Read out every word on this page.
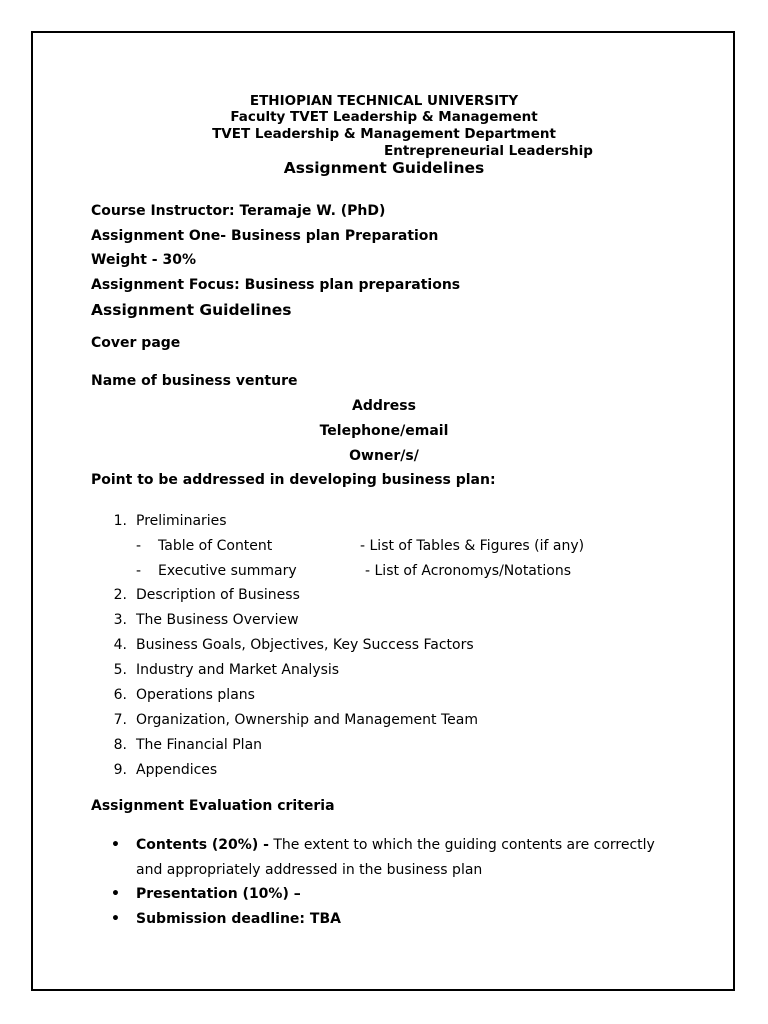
ETHIOPIAN TECHNICAL UNIVERSITY
Faculty TVET Leadership & Management
TVET Leadership & Management Department
Entrepreneurial Leadership
Assignment Guidelines
Course Instructor: Teramaje W. (PhD)
Assignment One- Business plan Preparation
Weight - 30%
Assignment Focus: Business plan preparations
Assignment Guidelines
Cover page
Name of business venture
Address
Telephone/email
Owner/s/
Point to be addressed in developing business plan:
1. Preliminaries
- Table of Content	- List of Tables & Figures (if any)
- Executive summary	- List of Acronomys/Notations
2. Description of Business
3. The Business Overview
4. Business Goals, Objectives, Key Success Factors
5. Industry and Market Analysis
6. Operations plans
7. Organization, Ownership and Management Team
8. The Financial Plan
9. Appendices
Assignment Evaluation criteria
• Contents (20%) - The extent to which the guiding contents are correctly
and appropriately addressed in the business plan
• Presentation (10%) –
• Submission deadline: TBA
